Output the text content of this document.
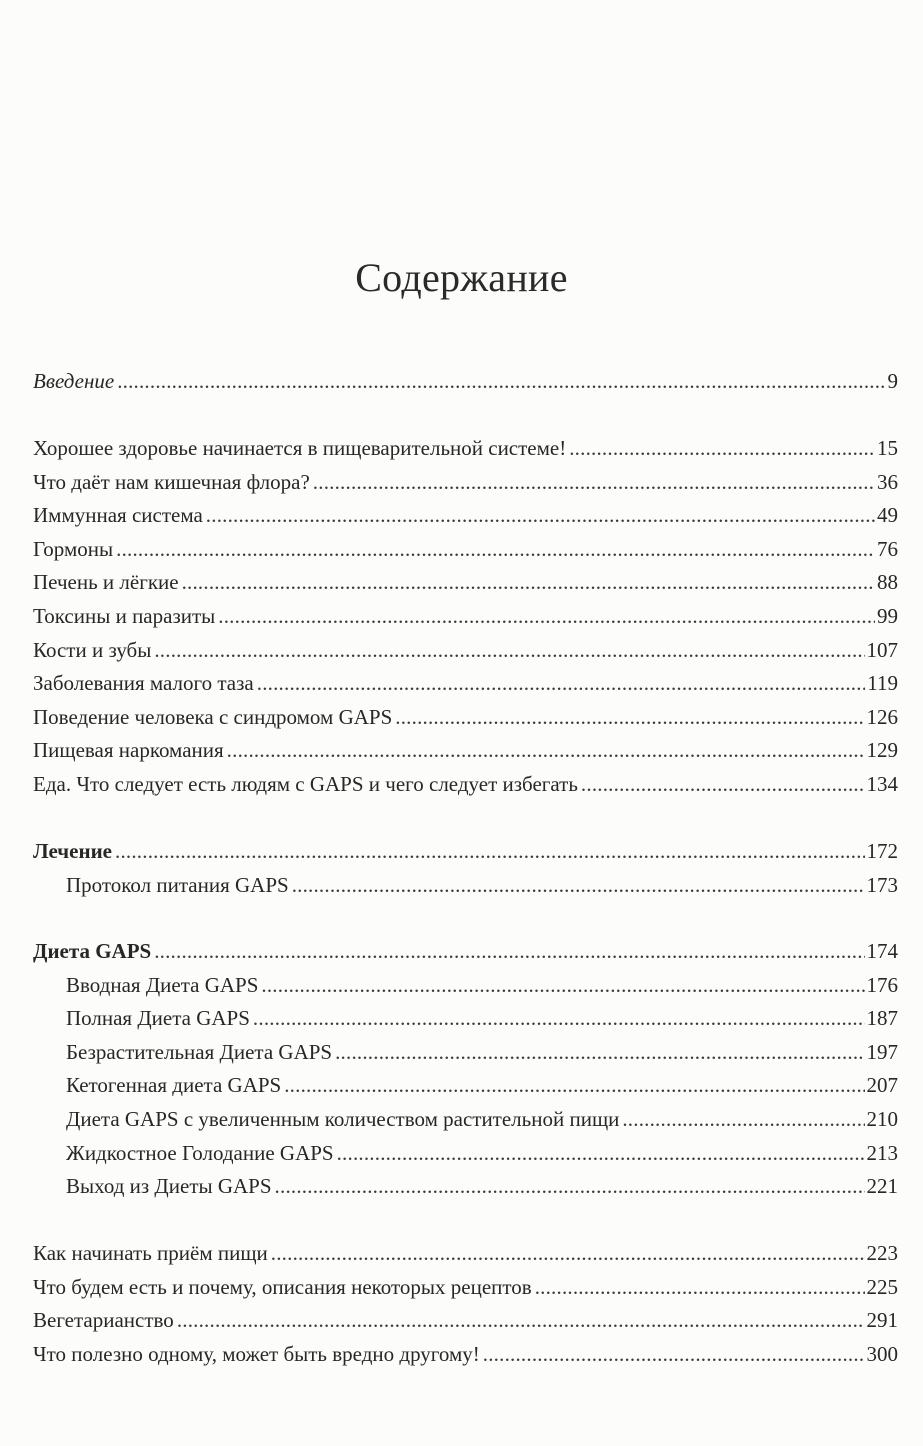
Содержание
Введение .....	9
Хорошее здоровье начинается в пищеварительной системе! .....	15
Что даёт нам кишечная флора? .....	36
Иммунная система .....	49
Гормоны .....	76
Печень и лёгкие .....	88
Токсины и паразиты .....	99
Кости и зубы .....	107
Заболевания малого таза .....	119
Поведение человека с синдромом GAPS .....	126
Пищевая наркомания .....	129
Еда. Что следует есть людям с GAPS и чего следует избегать .....	134
Лечение .....	172
Протокол питания GAPS .....	173
Диета GAPS .....	174
Вводная Диета GAPS .....	176
Полная Диета GAPS .....	187
Безрастительная Диета GAPS .....	197
Кетогенная диета GAPS .....	207
Диета GAPS с увеличенным количеством растительной пищи .....	210
Жидкостное Голодание GAPS .....	213
Выход из Диеты GAPS .....	221
Как начинать приём пищи .....	223
Что будем есть и почему, описания некоторых рецептов .....	225
Вегетарианство .....	291
Что полезно одному, может быть вредно другому! .....	300
